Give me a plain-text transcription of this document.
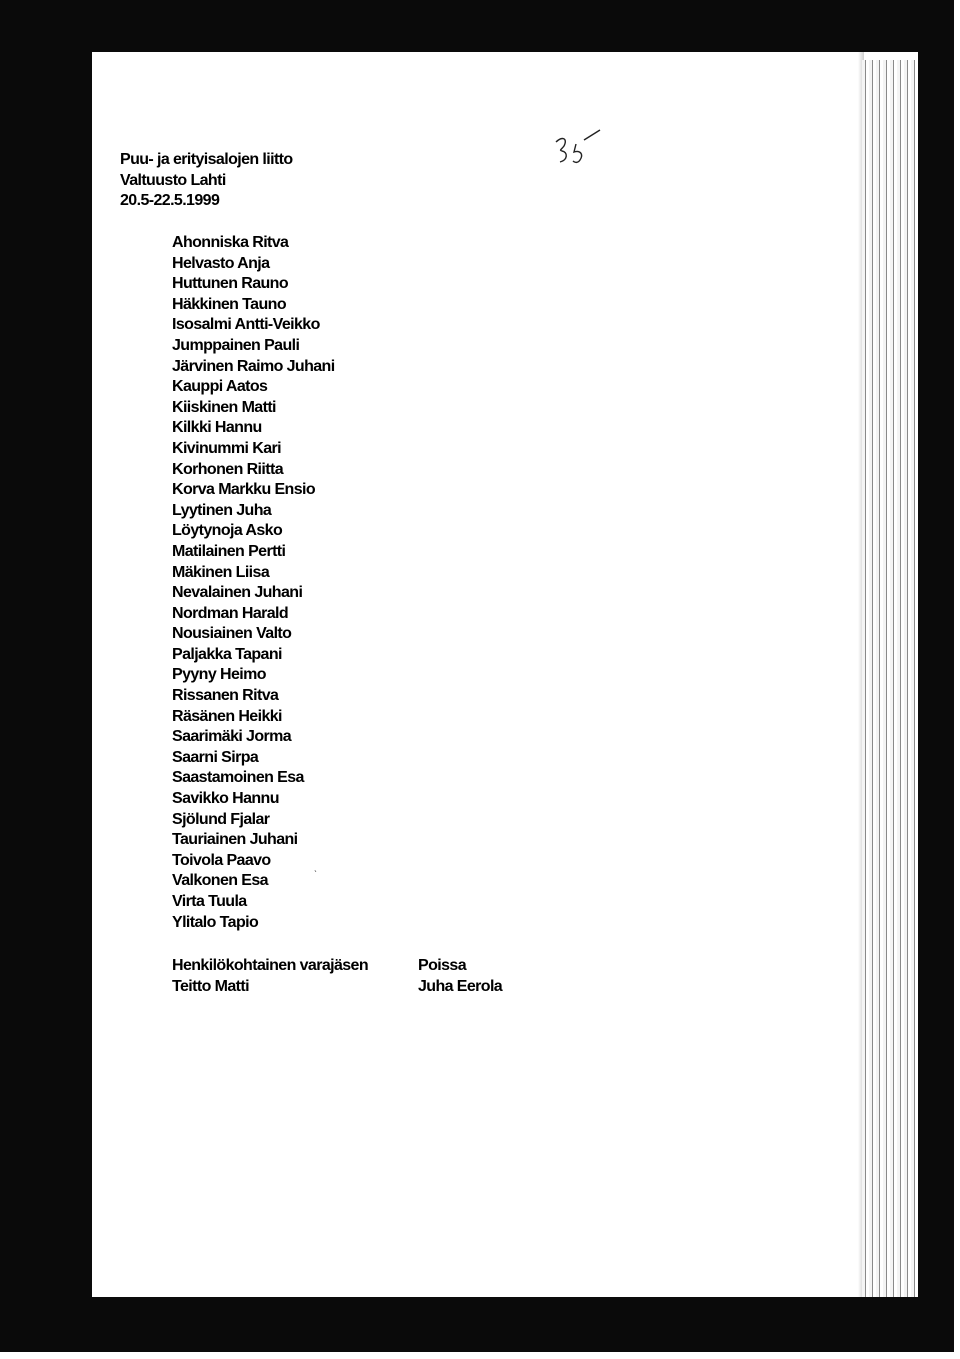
Puu- ja erityisalojen liitto
Valtuusto Lahti
20.5-22.5.1999
Ahonniska Ritva
Helvasto Anja
Huttunen Rauno
Häkkinen Tauno
Isosalmi Antti-Veikko
Jumppainen Pauli
Järvinen Raimo Juhani
Kauppi Aatos
Kiiskinen Matti
Kilkki Hannu
Kivinummi Kari
Korhonen Riitta
Korva Markku Ensio
Lyytinen Juha
Löytynoja Asko
Matilainen Pertti
Mäkinen Liisa
Nevalainen Juhani
Nordman Harald
Nousiainen Valto
Paljakka Tapani
Pyyny Heimo
Rissanen Ritva
Räsänen Heikki
Saarimäki Jorma
Saarni Sirpa
Saastamoinen Esa
Savikko Hannu
Sjölund Fjalar
Tauriainen Juhani
Toivola Paavo
Valkonen Esa
Virta Tuula
Ylitalo Tapio
ˎ
Henkilökohtainen varajäsen
Teitto Matti
Poissa
Juha Eerola
